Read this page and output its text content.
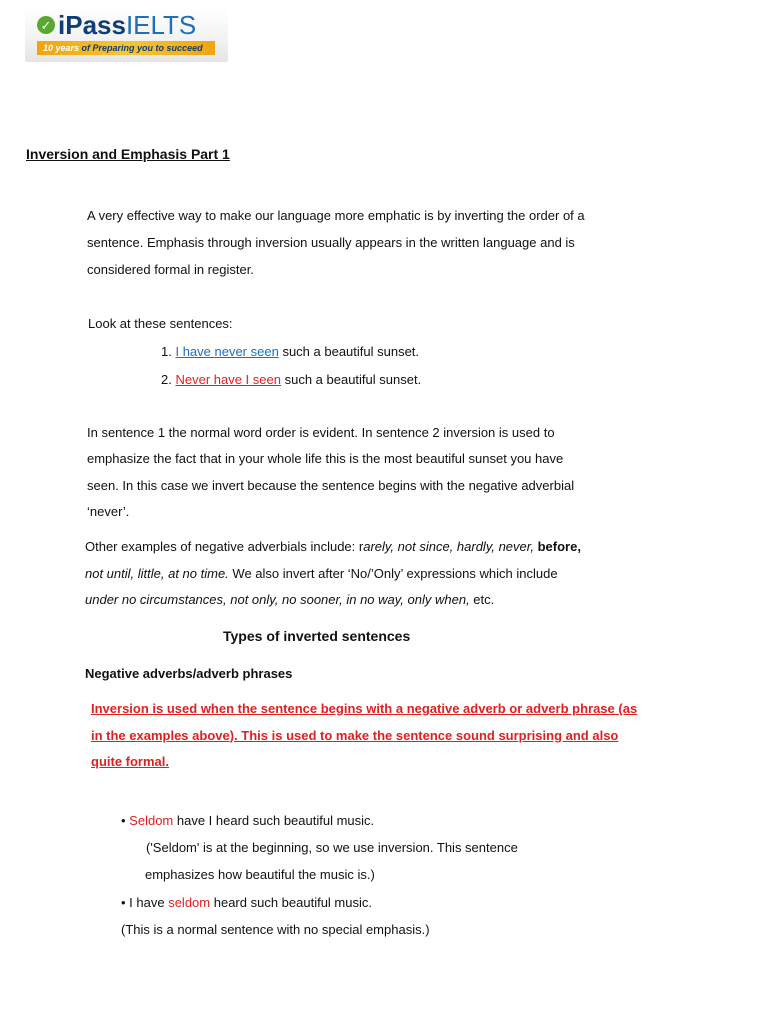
✓ iPassIELTS
10 years of Preparing you to succeed
Inversion and Emphasis Part 1
A very effective way to make our language more emphatic is by inverting the order of a
sentence. Emphasis through inversion usually appears in the written language and is
considered formal in register.
Look at these sentences:
1. I have never seen such a beautiful sunset.
2. Never have I seen such a beautiful sunset.
In sentence 1 the normal word order is evident. In sentence 2 inversion is used to
emphasize the fact that in your whole life this is the most beautiful sunset you have
seen. In this case we invert because the sentence begins with the negative adverbial
‘never’.
Other examples of negative adverbials include: rarely, not since, hardly, never, before,
not until, little, at no time. We also invert after ‘No/’Only’ expressions which include
under no circumstances, not only, no sooner, in no way, only when, etc.
Types of inverted sentences
Negative adverbs/adverb phrases
Inversion is used when the sentence begins with a negative adverb or adverb phrase (as
in the examples above). This is used to make the sentence sound surprising and also
quite formal.
• Seldom have I heard such beautiful music.
('Seldom' is at the beginning, so we use inversion. This sentence
emphasizes how beautiful the music is.)
• I have seldom heard such beautiful music.
(This is a normal sentence with no special emphasis.)
